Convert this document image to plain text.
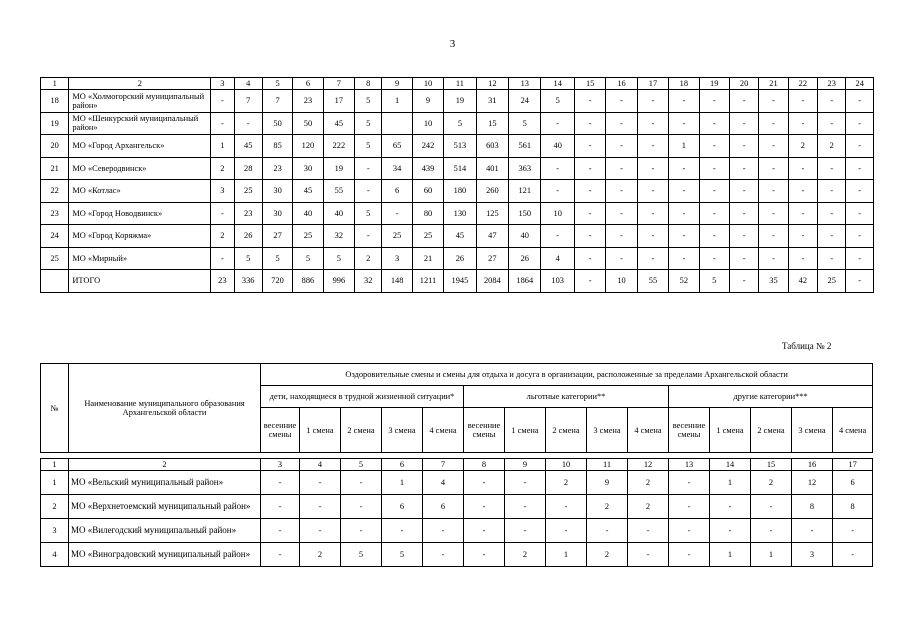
3
1	2	3	4	5	6	7	8	9	10	11	12	13	14	15	16	17	18	19	20	21	22	23	24
18	МО «Холмогорский муниципальный район»	-	7	7	23	17	5	1	9	19	31	24	5	-	-	-	-	-	-	-	-	-	-
19	МО «Шенкурский муниципальный район»	-	-	50	50	45	5		10	5	15	5	-	-	-	-	-	-	-	-	-	-	-
20	МО «Город Архангельск»	1	45	85	120	222	5	65	242	513	603	561	40	-	-	-	1	-	-	-	2	2	-
21	МО «Северодвинск»	2	28	23	30	19	-	34	439	514	401	363	-	-	-	-	-	-	-	-	-	-	-
22	МО «Котлас»	3	25	30	45	55	-	6	60	180	260	121	-	-	-	-	-	-	-	-	-	-	-
23	МО «Город Новодвинск»	-	23	30	40	40	5	-	80	130	125	150	10	-	-	-	-	-	-	-	-	-	-
24	МО «Город Коряжма»	2	26	27	25	32	-	25	25	45	47	40	-	-	-	-	-	-	-	-	-	-	-
25	МО «Мирный»	-	5	5	5	5	2	3	21	26	27	26	4	-	-	-	-	-	-	-	-	-	-
	ИТОГО	23	336	720	886	996	32	148	1211	1945	2084	1864	103	-	10	55	52	5	-	35	42	25	-
Таблица № 2
№	Наименование муниципального образования Архангельской области	Оздоровительные смены и смены для отдыха и досуга в организации, расположенные за пределами Архангельской области														
		дети, находящиеся в трудной жизненной ситуации*					льготные категории**					другие категории***				
		весенние смены	1 смена	2 смена	3 смена	4 смена	весенние смены	1 смена	2 смена	3 смена	4 смена	весенние смены	1 смена	2 смена	3 смена	4 смена

1	2	3	4	5	6	7	8	9	10	11	12	13	14	15	16	17
1	МО «Вельский муниципальный район»	-	-	-	1	4	-	-	2	9	2	-	1	2	12	6
2	МО «Верхнетоемский муниципальный район»	-	-	-	6	6	-	-	-	2	2	-	-	-	8	8
3	МО «Вилегодский муниципальный район»	-	-	-	-	-	-	-	-	-	-	-	-	-	-	-
4	МО «Виноградовский муниципальный район»	-	2	5	5	-	-	2	1	2	-	-	1	1	3	-
